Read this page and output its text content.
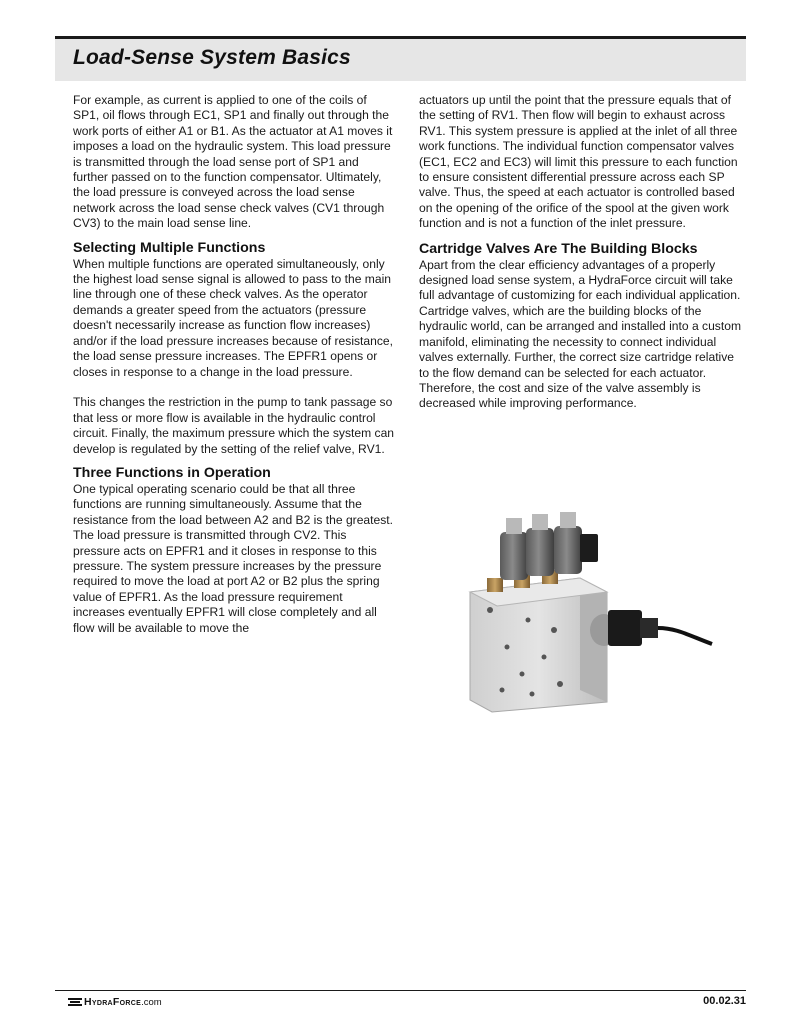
Load-Sense System Basics

For example, as current is applied to one of the coils of SP1, oil flows through EC1, SP1 and finally out through the work ports of either A1 or B1. As the actuator at A1 moves it imposes a load on the hydraulic system. This load pressure is transmitted through the load sense port of SP1 and further passed on to the function compensator. Ultimately, the load pressure is conveyed across the load sense network across the load sense check valves (CV1 through CV3) to the main load sense line.

Selecting Multiple Functions

When multiple functions are operated simultaneously, only the highest load sense signal is allowed to pass to the main line through one of these check valves. As the operator demands a greater speed from the actuators (pressure doesn't necessarily increase as function flow increases) and/or if the load pressure increases because of resistance, the load sense pressure increases. The EPFR1 opens or closes in response to a change in the load pressure.

This changes the restriction in the pump to tank passage so that less or more flow is available in the hydraulic control circuit. Finally, the maximum pressure which the system can develop is regulated by the setting of the relief valve, RV1.

Three Functions in Operation

One typical operating scenario could be that all three functions are running simultaneously. Assume that the resistance from the load between A2 and B2 is the greatest. The load pressure is transmitted through CV2. This pressure acts on EPFR1 and it closes in response to this pressure. The system pressure increases by the pressure required to move the load at port A2 or B2 plus the spring value of EPFR1. As the load pressure requirement increases eventually EPFR1 will close completely and all flow will be available to move the

actuators up until the point that the pressure equals that of the setting of RV1. Then flow will begin to exhaust across RV1. This system pressure is applied at the inlet of all three work functions. The individual function compensator valves (EC1, EC2 and EC3) will limit this pressure to each function to ensure consistent differential pressure across each SP valve. Thus, the speed at each actuator is controlled based on the opening of the orifice of the spool at the given work function and is not a function of the inlet pressure.

Cartridge Valves Are The Building Blocks

Apart from the clear efficiency advantages of a properly designed load sense system, a HydraForce circuit will take full advantage of customizing for each individual application. Cartridge valves, which are the building blocks of the hydraulic world, can be arranged and installed into a custom manifold, eliminating the necessity to connect individual valves externally. Further, the correct size cartridge relative to the flow demand can be selected for each actuator. Therefore, the cost and size of the valve assembly is decreased while improving performance.

HydraForce .com	00.02.31
